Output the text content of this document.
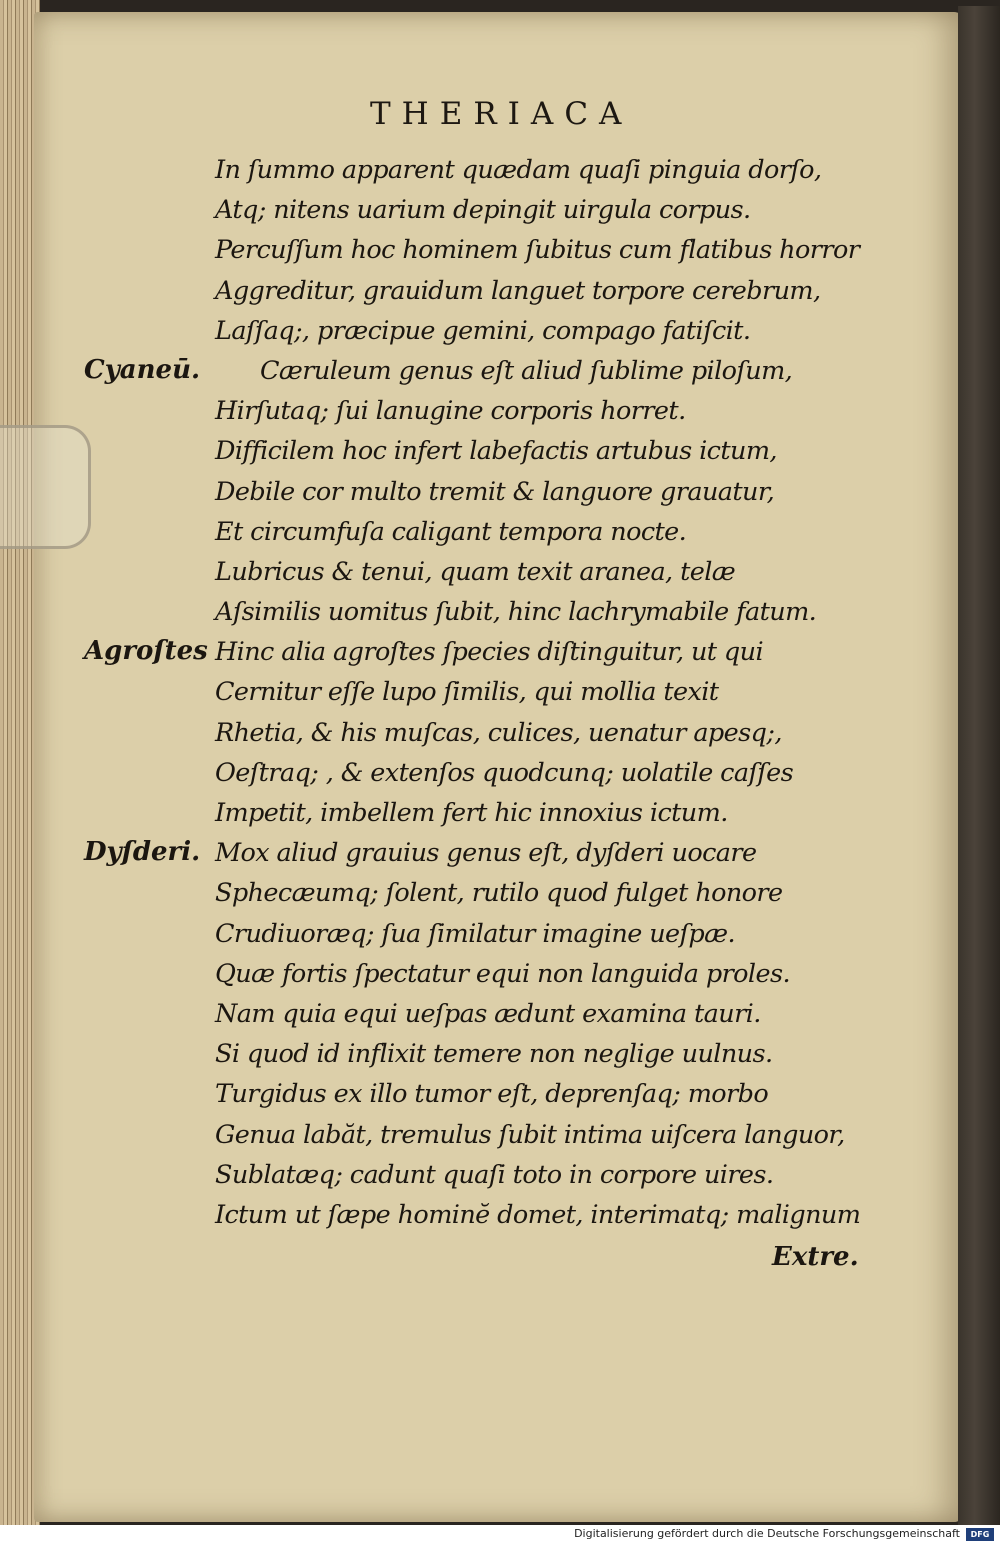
THERIACA
In ſummo apparent quædam quaſi pinguia dorſo,
Atq; nitens uarium depingit uirgula corpus.
Percuſſum hoc hominem ſubitus cum flatibus horror
Aggreditur, grauidum languet torpore cerebrum,
Laſſaq;, præcipue gemini, compago fatiſcit.
Cæruleum genus eſt aliud ſublime piloſum,
Hirſutaq; ſui lanugine corporis horret.
Difficilem hoc infert labefactis artubus ictum,
Debile cor multo tremit & languore grauatur,
Et circumfuſa caligant tempora nocte.
Lubricus & tenui, quam texit aranea, telæ
Aſsimilis uomitus ſubit, hinc lachrymabile fatum.
Hinc alia agroſtes ſpecies diſtinguitur, ut qui
Cernitur eſſe lupo ſimilis, qui mollia texit
Rhetia, & his muſcas, culices, uenatur apesq;,
Oeſtraq; , & extenſos quodcunq; uolatile caſſes
Impetit, imbellem fert hic innoxius ictum.
Mox aliud grauius genus eſt, dyſderi uocare
Sphecæumq; ſolent, rutilo quod fulget honore
Crudiuoræq; ſua ſimilatur imagine ueſpæ.
Quæ fortis ſpectatur equi non languida proles.
Nam quia equi ueſpas ædunt examina tauri.
Si quod id inflixit temere non neglige uulnus.
Turgidus ex illo tumor eſt, deprenſaq; morbo
Genua labăt, tremulus ſubit intima uiſcera languor,
Sublatæq; cadunt quaſi toto in corpore uires.
Ictum ut ſæpe hominĕ domet, interimatq; malignum
Cyaneū.
Agroſtes
Dyſderi.
Extre.
Digitalisierung gefördert durch die Deutsche Forschungsgemeinschaft	DFG
